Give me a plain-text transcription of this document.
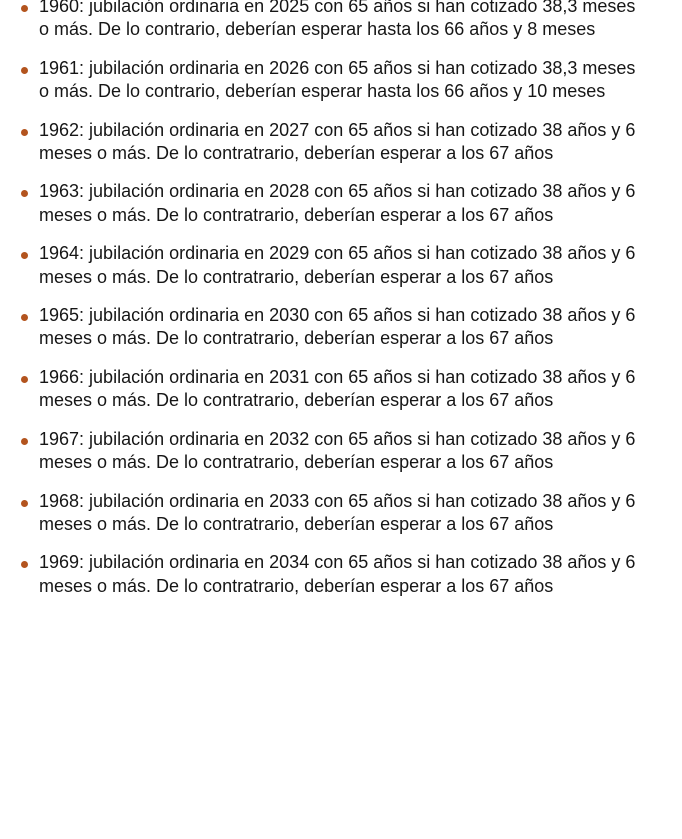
1960: jubilación ordinaria en 2025 con 65 años si han cotizado 38,3 meses o más. De lo contrario, deberían esperar hasta los 66 años y 8 meses
1961: jubilación ordinaria en 2026 con 65 años si han cotizado 38,3 meses o más. De lo contrario, deberían esperar hasta los 66 años y 10 meses
1962: jubilación ordinaria en 2027 con 65 años si han cotizado 38 años y 6 meses o más. De lo contratrario, deberían esperar a los 67 años
1963: jubilación ordinaria en 2028 con 65 años si han cotizado 38 años y 6 meses o más. De lo contratrario, deberían esperar a los 67 años
1964: jubilación ordinaria en 2029 con 65 años si han cotizado 38 años y 6 meses o más. De lo contratrario, deberían esperar a los 67 años
1965: jubilación ordinaria en 2030 con 65 años si han cotizado 38 años y 6 meses o más. De lo contratrario, deberían esperar a los 67 años
1966: jubilación ordinaria en 2031 con 65 años si han cotizado 38 años y 6 meses o más. De lo contratrario, deberían esperar a los 67 años
1967: jubilación ordinaria en 2032 con 65 años si han cotizado 38 años y 6 meses o más. De lo contratrario, deberían esperar a los 67 años
1968: jubilación ordinaria en 2033 con 65 años si han cotizado 38 años y 6 meses o más. De lo contratrario, deberían esperar a los 67 años
1969: jubilación ordinaria en 2034 con 65 años si han cotizado 38 años y 6 meses o más. De lo contratrario, deberían esperar a los 67 años
